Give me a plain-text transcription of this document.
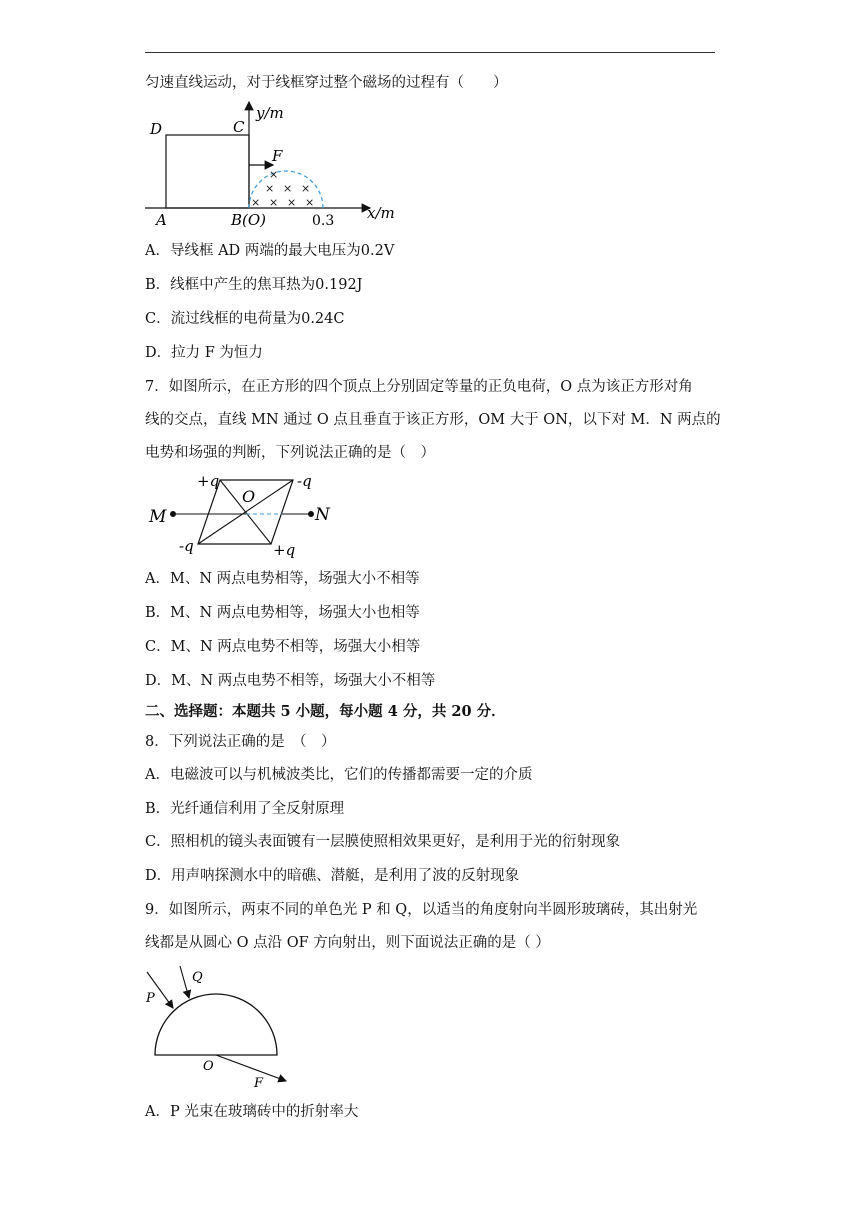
匀速直线运动，对于线框穿过整个磁场的过程有（　　）
D	C
A	B(O)
F
y/m
x/m
0.3
×
× × ×
× × × ×
A．导线框 AD 两端的最大电压为0.2V
B．线框中产生的焦耳热为0.192J
C．流过线框的电荷量为0.24C
D．拉力 F 为恒力
7．如图所示，在正方形的四个顶点上分别固定等量的正负电荷，O 点为该正方形对角
线的交点，直线 MN 通过 O 点且垂直于该正方形，OM 大于 ON，以下对 M．N 两点的
电势和场强的判断，下列说法正确的是（　）
+q	-q
-q	+q
O
M	N
A．M、N 两点电势相等，场强大小不相等
B．M、N 两点电势相等，场强大小也相等
C．M、N 两点电势不相等，场强大小相等
D．M、N 两点电势不相等，场强大小不相等
二、选择题：本题共 5 小题，每小题 4 分，共 20 分．
8．下列说法正确的是　（　）
A．电磁波可以与机械波类比，它们的传播都需要一定的介质
B．光纤通信利用了全反射原理
C．照相机的镜头表面镀有一层膜使照相效果更好，是利用于光的衍射现象
D．用声呐探测水中的暗礁、潜艇，是利用了波的反射现象
9．如图所示，两束不同的单色光 P 和 Q，以适当的角度射向半圆形玻璃砖，其出射光
线都是从圆心 O 点沿 OF 方向射出，则下面说法正确的是（ ）
P
Q
O
F
A．P 光束在玻璃砖中的折射率大
